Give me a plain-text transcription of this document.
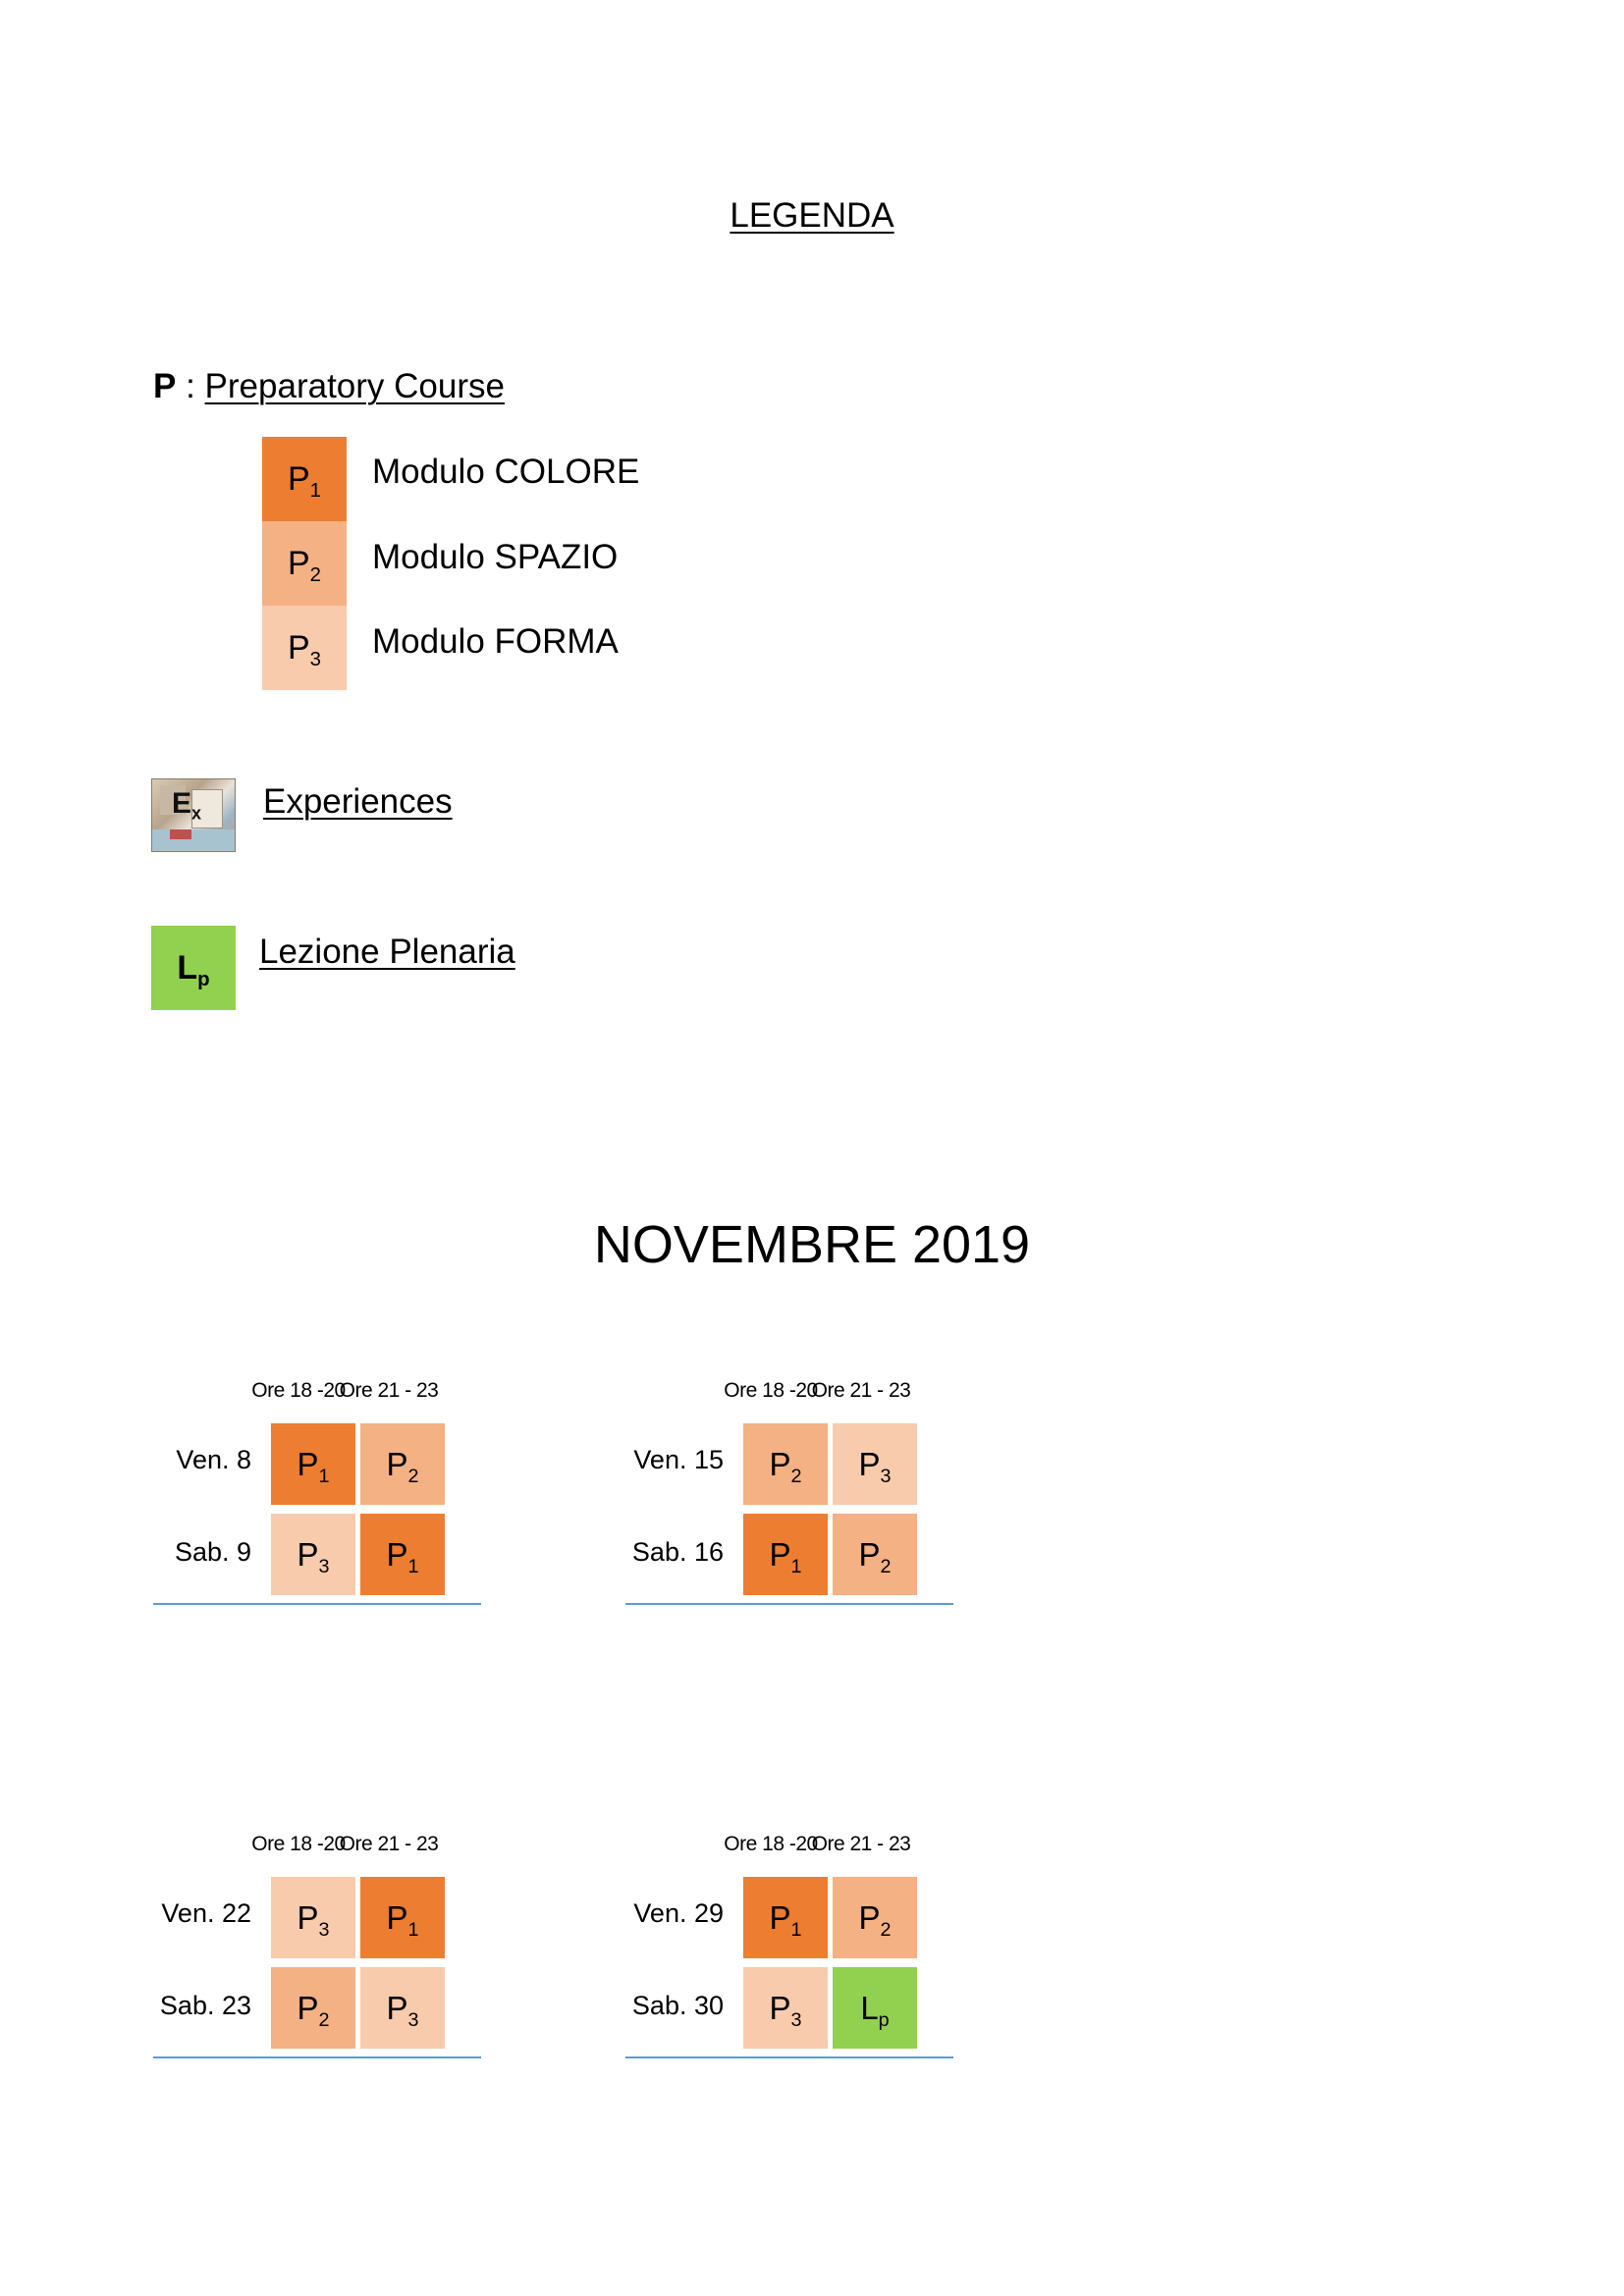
LEGENDA
P : Preparatory Course
$P_1$ Modulo COLORE
$P_2$ Modulo SPAZIO
$P_3$ Modulo FORMA
$E_x$ Experiences
$L_p$
Lezione Plenaria
NOVEMBRE 2019
Ore 18 -20
Ore 21 - 23
Ven. 8 $P_1$ $P_2$
Sab. 9 $P_3$ $P_1$
Ore 18 -20
Ore 21 - 23
Ven. 15 $P_2$ $P_3$
Sab. 16 $P_1$ $P_2$
Ore 18 -20
Ore 21 - 23
Ven. 22 $P_3$ $P_1$
Sab. 23 $P_2$ $P_3$
Ore 18 -20
Ore 21 - 23
Ven. 29 $P_1$ $P_2$
Sab. 30 $P_3$ $L_p$
